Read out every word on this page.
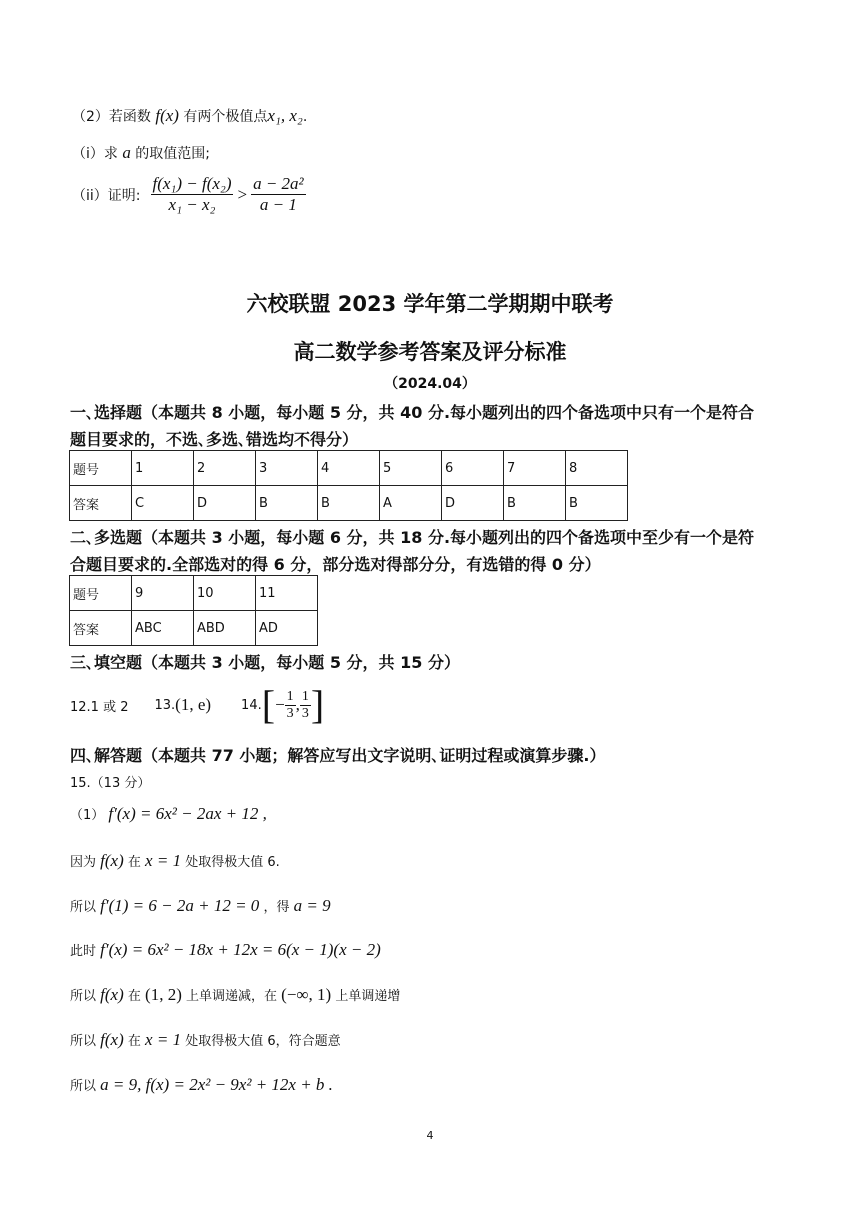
（2）若函数 f(x) 有两个极值点x₁, x₂.
（i）求 a 的取值范围;
（ii） 证明: $\frac{\text{f(x₁) − f(x₂)}}{\text{x₁ − x₂}} > \frac{\text{a − 2a²}}{a - 1}$
六校联盟 2023 学年第二学期期中联考
高二数学参考答案及评分标准
（2024.04）
一､选择题（本题共 8 小题，每小题 5 分，共 40 分.每小题列出的四个备选项中只有一个是符合
题目要求的，不选､多选､错选均不得分）
题号	1	2	3	4	5	6	7	8
答案	C	D	B	B	A	D	B	B
二､多选题（本题共 3 小题，每小题 6 分，共 18 分.每小题列出的四个备选项中至少有一个是符
合题目要求的.全部选对的得 6 分，部分选对得部分分，有选错的得 0 分）
题号	9	10	11
答案	ABC	ABD	AD
三､填空题（本题共 3 小题，每小题 5 分，共 15 分）
12.1 或 2 13. (1, e) 14. [ − $\frac{1}{3}$ , $\frac{1}{3}$ ]
四､解答题（本题共 77 小题；解答应写出文字说明､证明过程或演算步骤.）
15.（13 分）
（1） f′(x) = 6x² − 2ax + 12 ,
因为 f(x) 在 x = 1 处取得极大值 6.
所以 f′(1) = 6 − 2a + 12 = 0 ，得 a = 9
此时 f′(x) = 6x² − 18x + 12x = 6(x − 1)(x − 2)
所以 f(x) 在 (1, 2) 上单调递减，在 (−∞, 1) 上单调递增
所以 f(x) 在 x = 1 处取得极大值 6，符合题意
所以 a = 9, f(x) = 2x² − 9x² + 12x + b .
4
